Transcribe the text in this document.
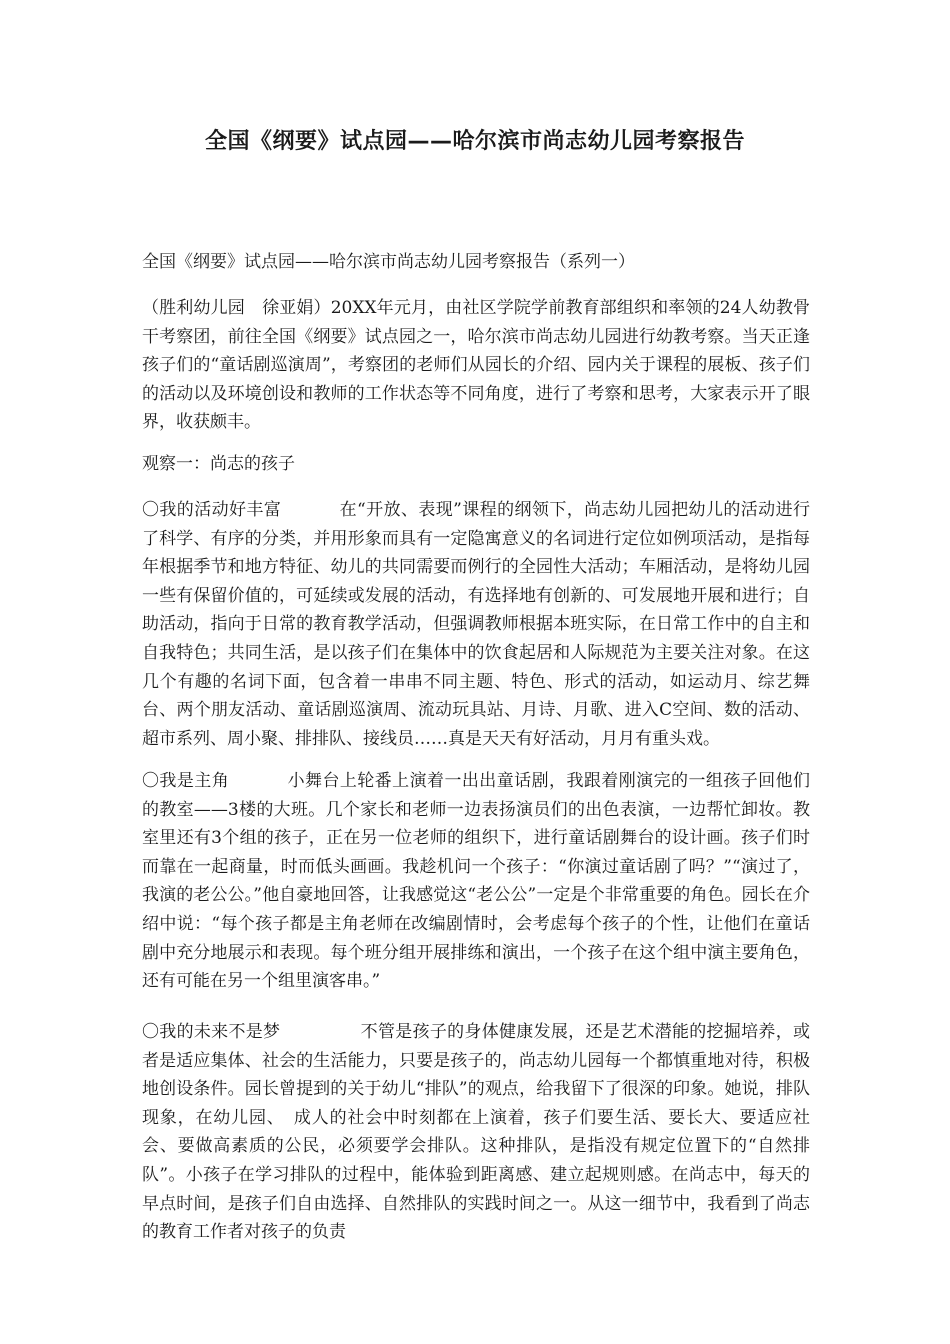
全国《纲要》试点园——哈尔滨市尚志幼儿园考察报告
全国《纲要》试点园——哈尔滨市尚志幼儿园考察报告（系列一）
（胜利幼儿园　徐亚娟）20XX年元月，由社区学院学前教育部组织和率领的24人幼教骨干考察团，前往全国《纲要》试点园之一，哈尔滨市尚志幼儿园进行幼教考察。当天正逢孩子们的“童话剧巡演周”，考察团的老师们从园长的介绍、园内关于课程的展板、孩子们的活动以及环境创设和教师的工作状态等不同角度，进行了考察和思考，大家表示开了眼界，收获颇丰。
观察一：尚志的孩子
〇我的活动好丰富	在“开放、表现”课程的纲领下，尚志幼儿园把幼儿的活动进行了科学、有序的分类，并用形象而具有一定隐寓意义的名词进行定位如例项活动，是指每年根据季节和地方特征、幼儿的共同需要而例行的全园性大活动；车厢活动，是将幼儿园一些有保留价值的，可延续或发展的活动，有选择地有创新的、可发展地开展和进行；自助活动，指向于日常的教育教学活动，但强调教师根据本班实际，在日常工作中的自主和自我特色；共同生活，是以孩子们在集体中的饮食起居和人际规范为主要关注对象。在这几个有趣的名词下面，包含着一串串不同主题、特色、形式的活动，如运动月、综艺舞台、两个朋友活动、童话剧巡演周、流动玩具站、月诗、月歌、进入C空间、数的活动、超市系列、周小聚、排排队、接线员……真是天天有好活动，月月有重头戏。
〇我是主角	小舞台上轮番上演着一出出童话剧，我跟着刚演完的一组孩子回他们的教室——3楼的大班。几个家长和老师一边表扬演员们的出色表演，一边帮忙卸妆。教室里还有3个组的孩子，正在另一位老师的组织下，进行童话剧舞台的设计画。孩子们时而靠在一起商量，时而低头画画。我趁机问一个孩子：“你演过童话剧了吗？”“演过了，我演的老公公。”他自豪地回答，让我感觉这“老公公”一定是个非常重要的角色。园长在介绍中说：“每个孩子都是主角老师在改编剧情时，会考虑每个孩子的个性，让他们在童话剧中充分地展示和表现。每个班分组开展排练和演出，一个孩子在这个组中演主要角色，还有可能在另一个组里演客串。”
〇我的未来不是梦	不管是孩子的身体健康发展，还是艺术潜能的挖掘培养，或者是适应集体、社会的生活能力，只要是孩子的，尚志幼儿园每一个都慎重地对待，积极地创设条件。园长曾提到的关于幼儿“排队”的观点，给我留下了很深的印象。她说，排队现象，在幼儿园、　成人的社会中时刻都在上演着，孩子们要生活、要长大、要适应社会、要做高素质的公民，必须要学会排队。这种排队，是指没有规定位置下的“自然排队”。小孩子在学习排队的过程中，能体验到距离感、建立起规则感。在尚志中，每天的早点时间，是孩子们自由选择、自然排队的实践时间之一。从这一细节中，我看到了尚志的教育工作者对孩子的负责
